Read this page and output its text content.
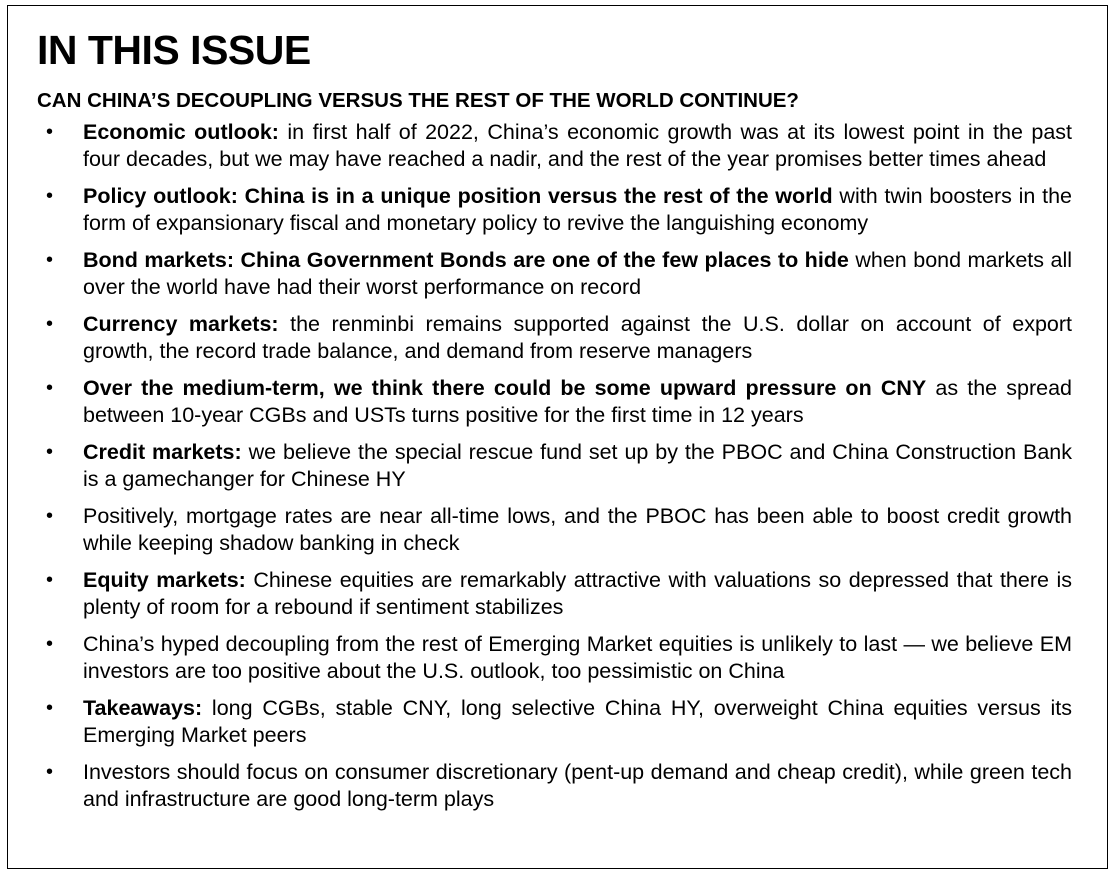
IN THIS ISSUE
CAN CHINA’S DECOUPLING VERSUS THE REST OF THE WORLD CONTINUE?
• Economic outlook: in first half of 2022, China’s economic growth was at its lowest point in the past four decades, but we may have reached a nadir, and the rest of the year promises better times ahead
• Policy outlook: China is in a unique position versus the rest of the world with twin boosters in the form of expansionary fiscal and monetary policy to revive the languishing economy
• Bond markets: China Government Bonds are one of the few places to hide when bond markets all over the world have had their worst performance on record
• Currency markets: the renminbi remains supported against the U.S. dollar on account of export growth, the record trade balance, and demand from reserve managers
• Over the medium-term, we think there could be some upward pressure on CNY as the spread between 10-year CGBs and USTs turns positive for the first time in 12 years
• Credit markets: we believe the special rescue fund set up by the PBOC and China Construction Bank is a gamechanger for Chinese HY
• Positively, mortgage rates are near all-time lows, and the PBOC has been able to boost credit growth while keeping shadow banking in check
• Equity markets: Chinese equities are remarkably attractive with valuations so depressed that there is plenty of room for a rebound if sentiment stabilizes
• China’s hyped decoupling from the rest of Emerging Market equities is unlikely to last — we believe EM investors are too positive about the U.S. outlook, too pessimistic on China
• Takeaways: long CGBs, stable CNY, long selective China HY, overweight China equities versus its Emerging Market peers
• Investors should focus on consumer discretionary (pent-up demand and cheap credit), while green tech and infrastructure are good long-term plays
